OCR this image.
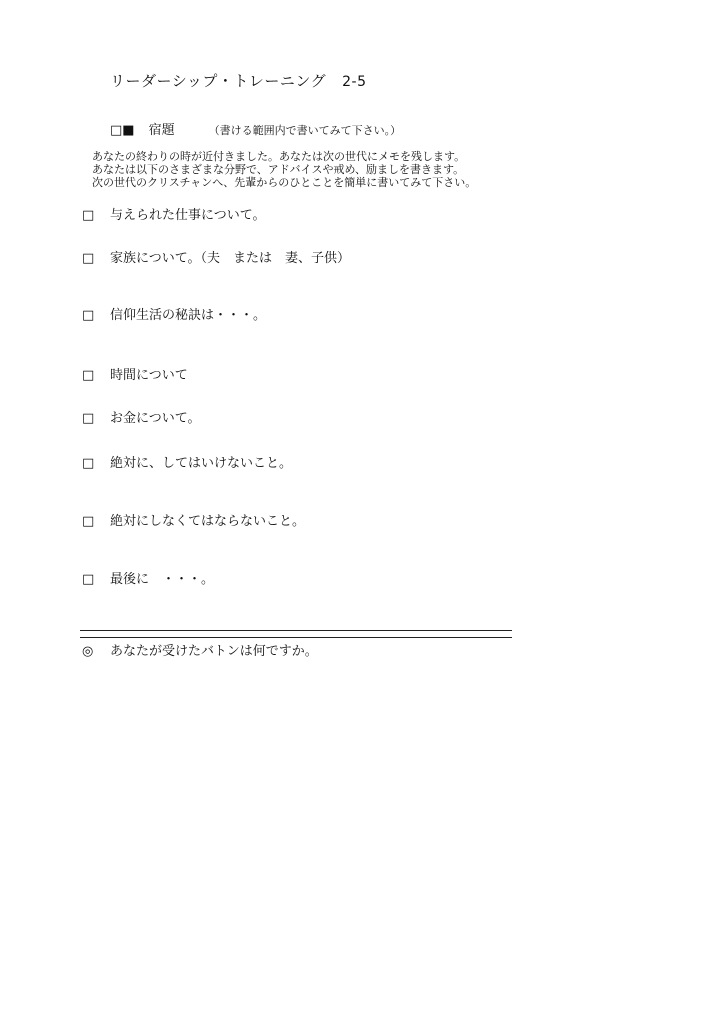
リーダーシップ・トレーニング 2-5
□■ 宿題	（書ける範囲内で書いてみて下さい。）
あなたの終わりの時が近付きました。あなたは次の世代にメモを残します。
あなたは以下のさまざまな分野で、アドバイスや戒め、励ましを書きます。
次の世代のクリスチャンへ、先輩からのひとことを簡単に書いてみて下さい。
□ 与えられた仕事について。
□ 家族について。（夫　または　妻、子供）
□ 信仰生活の秘訣は・・・。
□ 時間について
□ お金について。
□ 絶対に、してはいけないこと。
□ 絶対にしなくてはならないこと。
□ 最後に　・・・。
◎ あなたが受けたバトンは何ですか。
